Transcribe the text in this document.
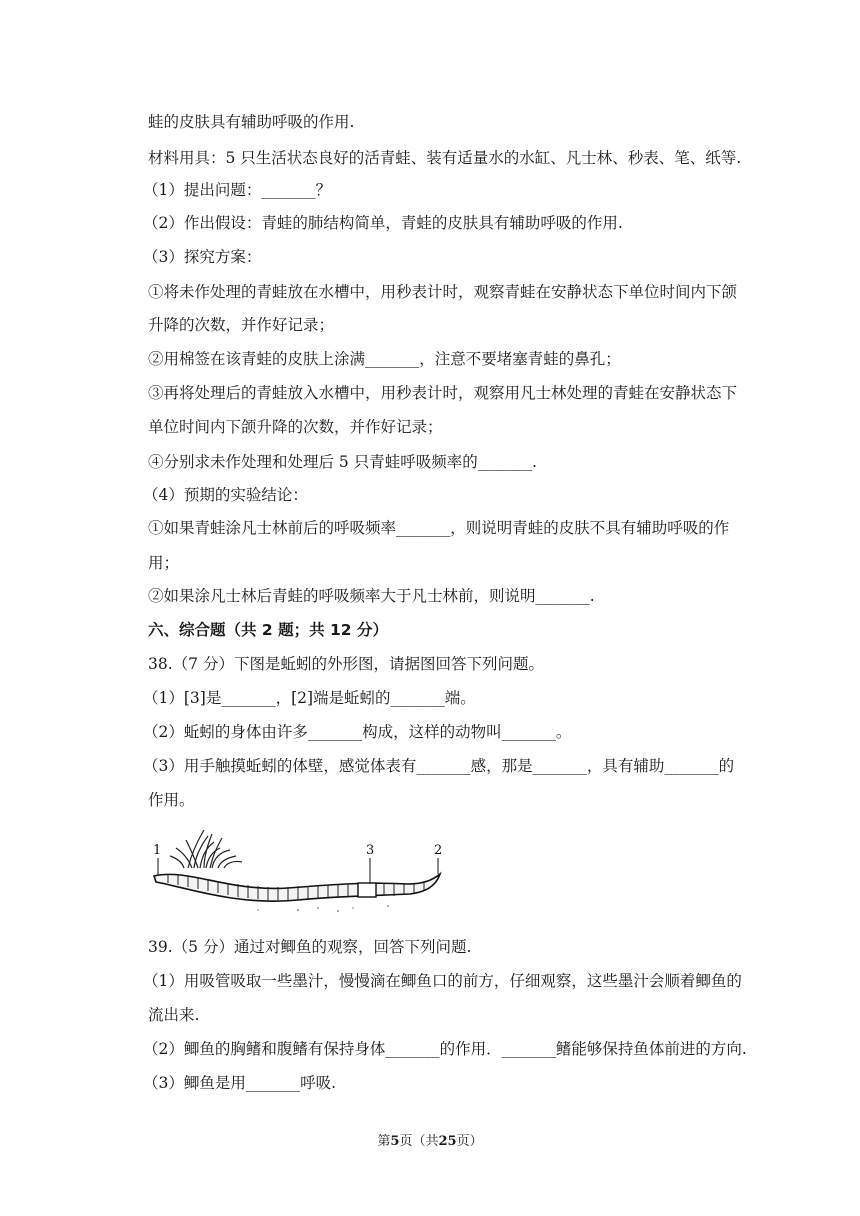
蛙的皮肤具有辅助呼吸的作用.
材料用具：5 只生活状态良好的活青蛙、装有适量水的水缸、凡士林、秒表、笔、纸等.
（1）提出问题：_______？
（2）作出假设：青蛙的肺结构简单，青蛙的皮肤具有辅助呼吸的作用.
（3）探究方案：
①将未作处理的青蛙放在水槽中，用秒表计时，观察青蛙在安静状态下单位时间内下颌
升降的次数，并作好记录；
②用棉签在该青蛙的皮肤上涂满_______，注意不要堵塞青蛙的鼻孔；
③再将处理后的青蛙放入水槽中，用秒表计时，观察用凡士林处理的青蛙在安静状态下
单位时间内下颌升降的次数，并作好记录；
④分别求未作处理和处理后 5 只青蛙呼吸频率的_______.
（4）预期的实验结论：
①如果青蛙涂凡士林前后的呼吸频率_______，则说明青蛙的皮肤不具有辅助呼吸的作
用；
②如果涂凡士林后青蛙的呼吸频率大于凡士林前，则说明_______.
六、综合题（共 2 题；共 12 分）
38.（7 分）下图是蚯蚓的外形图，请据图回答下列问题。
（1）[3]是_______，[2]端是蚯蚓的_______端。
（2）蚯蚓的身体由许多_______构成，这样的动物叫_______。
（3）用手触摸蚯蚓的体壁，感觉体表有_______感，那是_______，具有辅助_______的
作用。
1	3	2
39.（5 分）通过对鲫鱼的观察，回答下列问题.
（1）用吸管吸取一些墨汁，慢慢滴在鲫鱼口的前方，仔细观察，这些墨汁会顺着鲫鱼的
流出来.
（2）鲫鱼的胸鳍和腹鳍有保持身体_______的作用．_______鳍能够保持鱼体前进的方向.
（3）鲫鱼是用_______呼吸.
第5页（共25页）
